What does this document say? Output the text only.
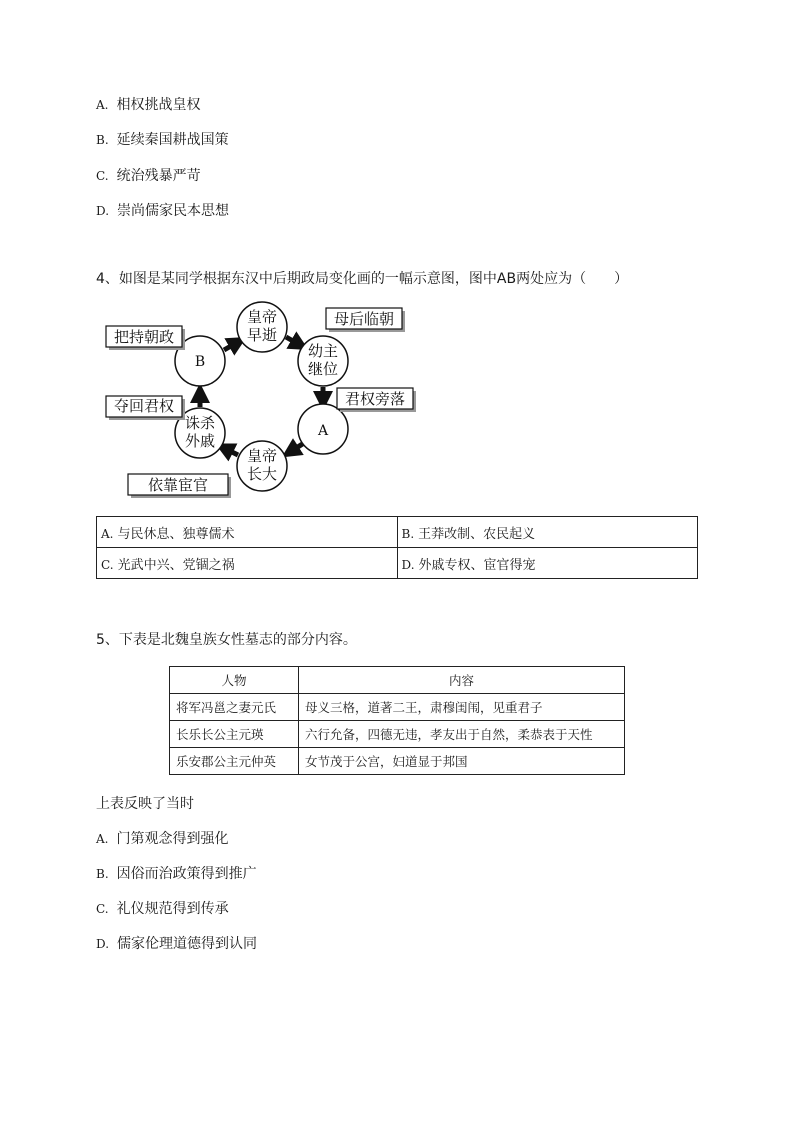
A. 相权挑战皇权
B. 延续秦国耕战国策
C. 统治残暴严苛
D. 崇尚儒家民本思想
4、如图是某同学根据东汉中后期政局变化画的一幅示意图，图中AB两处应为（　　）
皇帝
早逝
幼主
继位
A
皇帝
长大
诛杀
外戚
B
母后临朝
君权旁落
依靠宦官
夺回君权
把持朝政
A. 与民休息、独尊儒术	B. 王莽改制、农民起义
C. 光武中兴、党锢之祸	D. 外戚专权、宦官得宠
5、下表是北魏皇族女性墓志的部分内容。
人物	内容
将军冯邕之妻元氏	母义三格，道著二王，肃穆闺闱，见重君子
长乐长公主元瑛	六行允备，四德无违，孝友出于自然，柔恭表于天性
乐安郡公主元仲英	女节茂于公宫，妇道显于邦国
上表反映了当时
A. 门第观念得到强化
B. 因俗而治政策得到推广
C. 礼仪规范得到传承
D. 儒家伦理道德得到认同
